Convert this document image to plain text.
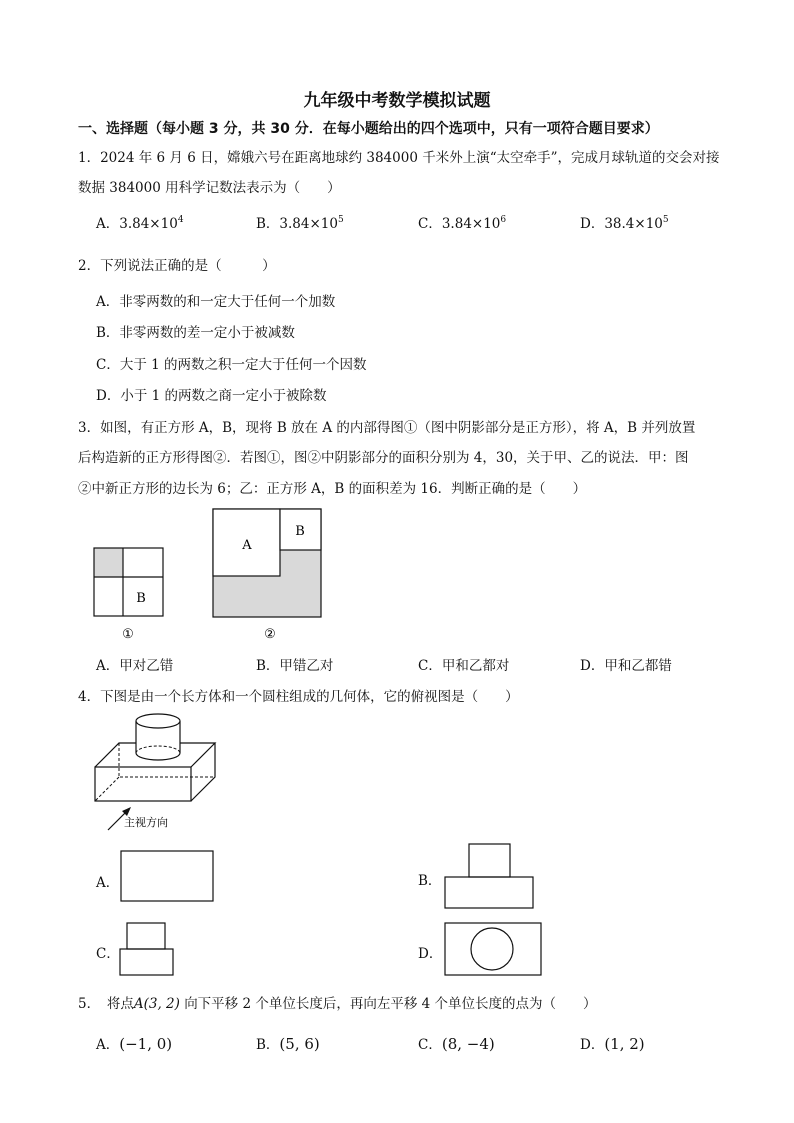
九年级中考数学模拟试题
一、选择题（每小题 3 分，共 30 分．在每小题给出的四个选项中，只有一项符合题目要求）
1．2024 年 6 月 6 日，嫦娥六号在距离地球约 384000 千米外上演“太空牵手”，完成月球轨道的交会对接
数据 384000 用科学记数法表示为（　　）
A．$3.84\times 10^4$	B．$3.84\times 10^5$	C．$3.84\times 10^6$	D．$38.4\times 10^5$
2．下列说法正确的是（　　　）
A．非零两数的和一定大于任何一个加数
B．非零两数的差一定小于被减数
C．大于 1 的两数之积一定大于任何一个因数
D．小于 1 的两数之商一定小于被除数
3．如图，有正方形 A，B，现将 B 放在 A 的内部得图①（图中阴影部分是正方形），将 A，B 并列放置
后构造新的正方形得图②．若图①，图②中阴影部分的面积分别为 4，30，关于甲、乙的说法．甲：图
②中新正方形的边长为 6；乙：正方形 A，B 的面积差为 16．判断正确的是（　　）
B
①
A
B
②
A．甲对乙错	B．甲错乙对	C．甲和乙都对	D．甲和乙都错
4．下图是由一个长方体和一个圆柱组成的几何体，它的俯视图是（　　）
主视方向
A．	B．
C．	D．
5．　将点A(3, 2) 向下平移 2 个单位长度后，再向左平移 4 个单位长度的点为（　　）
A．(−1, 0)	B．(5, 6)	C．(8, −4)	D．(1, 2)
